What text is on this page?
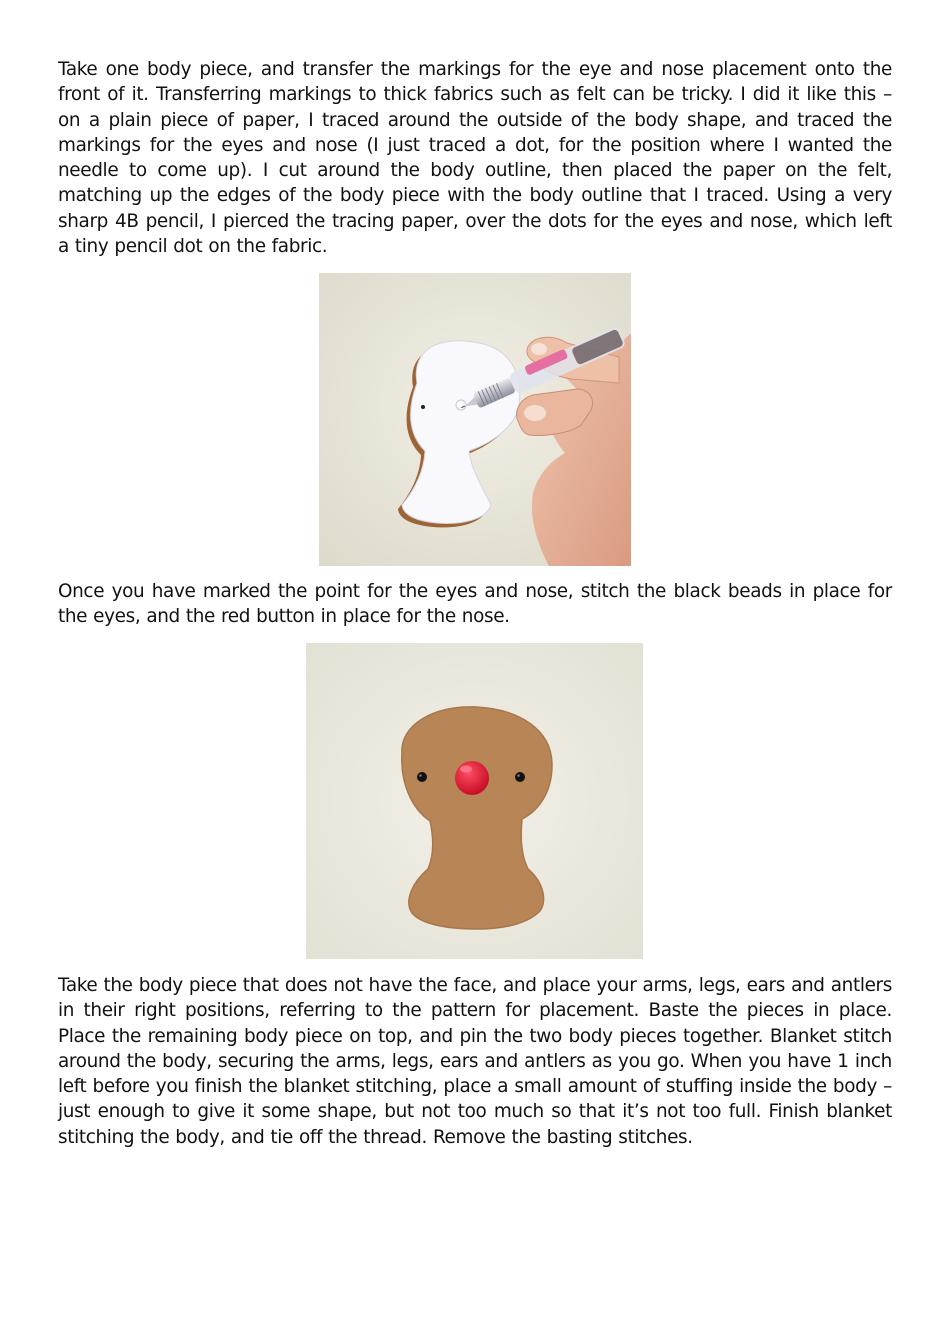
Take one body piece, and transfer the markings for the eye and nose placement onto the front of it. Transferring markings to thick fabrics such as felt can be tricky. I did it like this – on a plain piece of paper, I traced around the outside of the body shape, and traced the markings for the eyes and nose (I just traced a dot, for the position where I wanted the needle to come up). I cut around the body outline, then placed the paper on the felt, matching up the edges of the body piece with the body outline that I traced. Using a very sharp 4B pencil, I pierced the tracing paper, over the dots for the eyes and nose, which left a tiny pencil dot on the fabric.

Once you have marked the point for the eyes and nose, stitch the black beads in place for the eyes, and the red button in place for the nose.

Take the body piece that does not have the face, and place your arms, legs, ears and antlers in their right positions, referring to the pattern for placement. Baste the pieces in place. Place the remaining body piece on top, and pin the two body pieces together. Blanket stitch around the body, securing the arms, legs, ears and antlers as you go. When you have 1 inch left before you finish the blanket stitching, place a small amount of stuffing inside the body – just enough to give it some shape, but not too much so that it’s not too full. Finish blanket stitching the body, and tie off the thread. Remove the basting stitches.
